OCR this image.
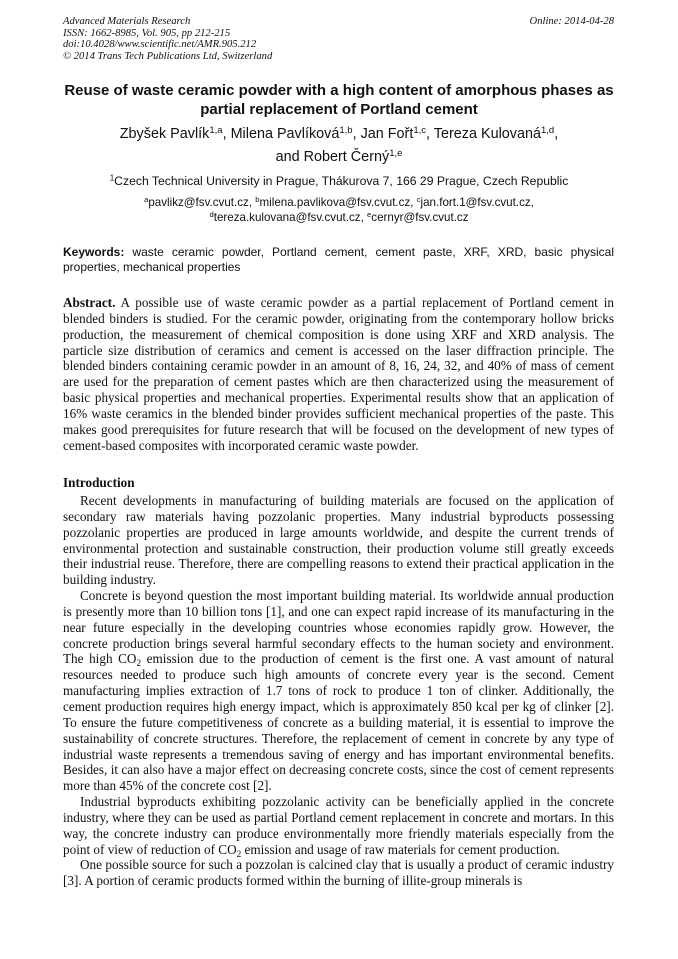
Advanced Materials Research
ISSN: 1662-8985, Vol. 905, pp 212-215
doi:10.4028/www.scientific.net/AMR.905.212
© 2014 Trans Tech Publications Ltd, Switzerland
Online: 2014-04-28
Reuse of waste ceramic powder with a high content of amorphous phases as partial replacement of Portland cement
Zbyšek Pavlík$^{1,a}$, Milena Pavlíková$^{1,b}$, Jan Fořt$^{1,c}$, Tereza Kulovaná$^{1,d}$,
and Robert Černý$^{1,e}$
$^1$Czech Technical University in Prague, Thákurova 7, 166 29 Prague, Czech Republic
$^a$pavlikz@fsv.cvut.cz, $^b$milena.pavlikova@fsv.cvut.cz, $^c$jan.fort.1@fsv.cvut.cz,
$^d$tereza.kulovana@fsv.cvut.cz, $^e$cernyr@fsv.cvut.cz
Keywords: waste ceramic powder, Portland cement, cement paste, XRF, XRD, basic physical properties, mechanical properties
Abstract. A possible use of waste ceramic powder as a partial replacement of Portland cement in blended binders is studied. For the ceramic powder, originating from the contemporary hollow bricks production, the measurement of chemical composition is done using XRF and XRD analysis. The particle size distribution of ceramics and cement is accessed on the laser diffraction principle. The blended binders containing ceramic powder in an amount of 8, 16, 24, 32, and 40% of mass of cement are used for the preparation of cement pastes which are then characterized using the measurement of basic physical properties and mechanical properties. Experimental results show that an application of 16% waste ceramics in the blended binder provides sufficient mechanical properties of the paste. This makes good prerequisites for future research that will be focused on the development of new types of cement-based composites with incorporated ceramic waste powder.
Introduction

Recent developments in manufacturing of building materials are focused on the application of secondary raw materials having pozzolanic properties. Many industrial byproducts possessing pozzolanic properties are produced in large amounts worldwide, and despite the current trends of environmental protection and sustainable construction, their production volume still greatly exceeds their industrial reuse. Therefore, there are compelling reasons to extend their practical application in the building industry.

Concrete is beyond question the most important building material. Its worldwide annual production is presently more than 10 billion tons [1], and one can expect rapid increase of its manufacturing in the near future especially in the developing countries whose economies rapidly grow. However, the concrete production brings several harmful secondary effects to the human society and environment. The high $CO_2$ emission due to the production of cement is the first one. A vast amount of natural resources needed to produce such high amounts of concrete every year is the second. Cement manufacturing implies extraction of 1.7 tons of rock to produce 1 ton of clinker. Additionally, the cement production requires high energy impact, which is approximately 850 kcal per kg of clinker [2]. To ensure the future competitiveness of concrete as a building material, it is essential to improve the sustainability of concrete structures. Therefore, the replacement of cement in concrete by any type of industrial waste represents a tremendous saving of energy and has important environmental benefits. Besides, it can also have a major effect on decreasing concrete costs, since the cost of cement represents more than 45% of the concrete cost [2].

Industrial byproducts exhibiting pozzolanic activity can be beneficially applied in the concrete industry, where they can be used as partial Portland cement replacement in concrete and mortars. In this way, the concrete industry can produce environmentally more friendly materials especially from the point of view of reduction of $CO_2$ emission and usage of raw materials for cement production.

One possible source for such a pozzolan is calcined clay that is usually a product of ceramic industry [3]. A portion of ceramic products formed within the burning of illite-group minerals is
